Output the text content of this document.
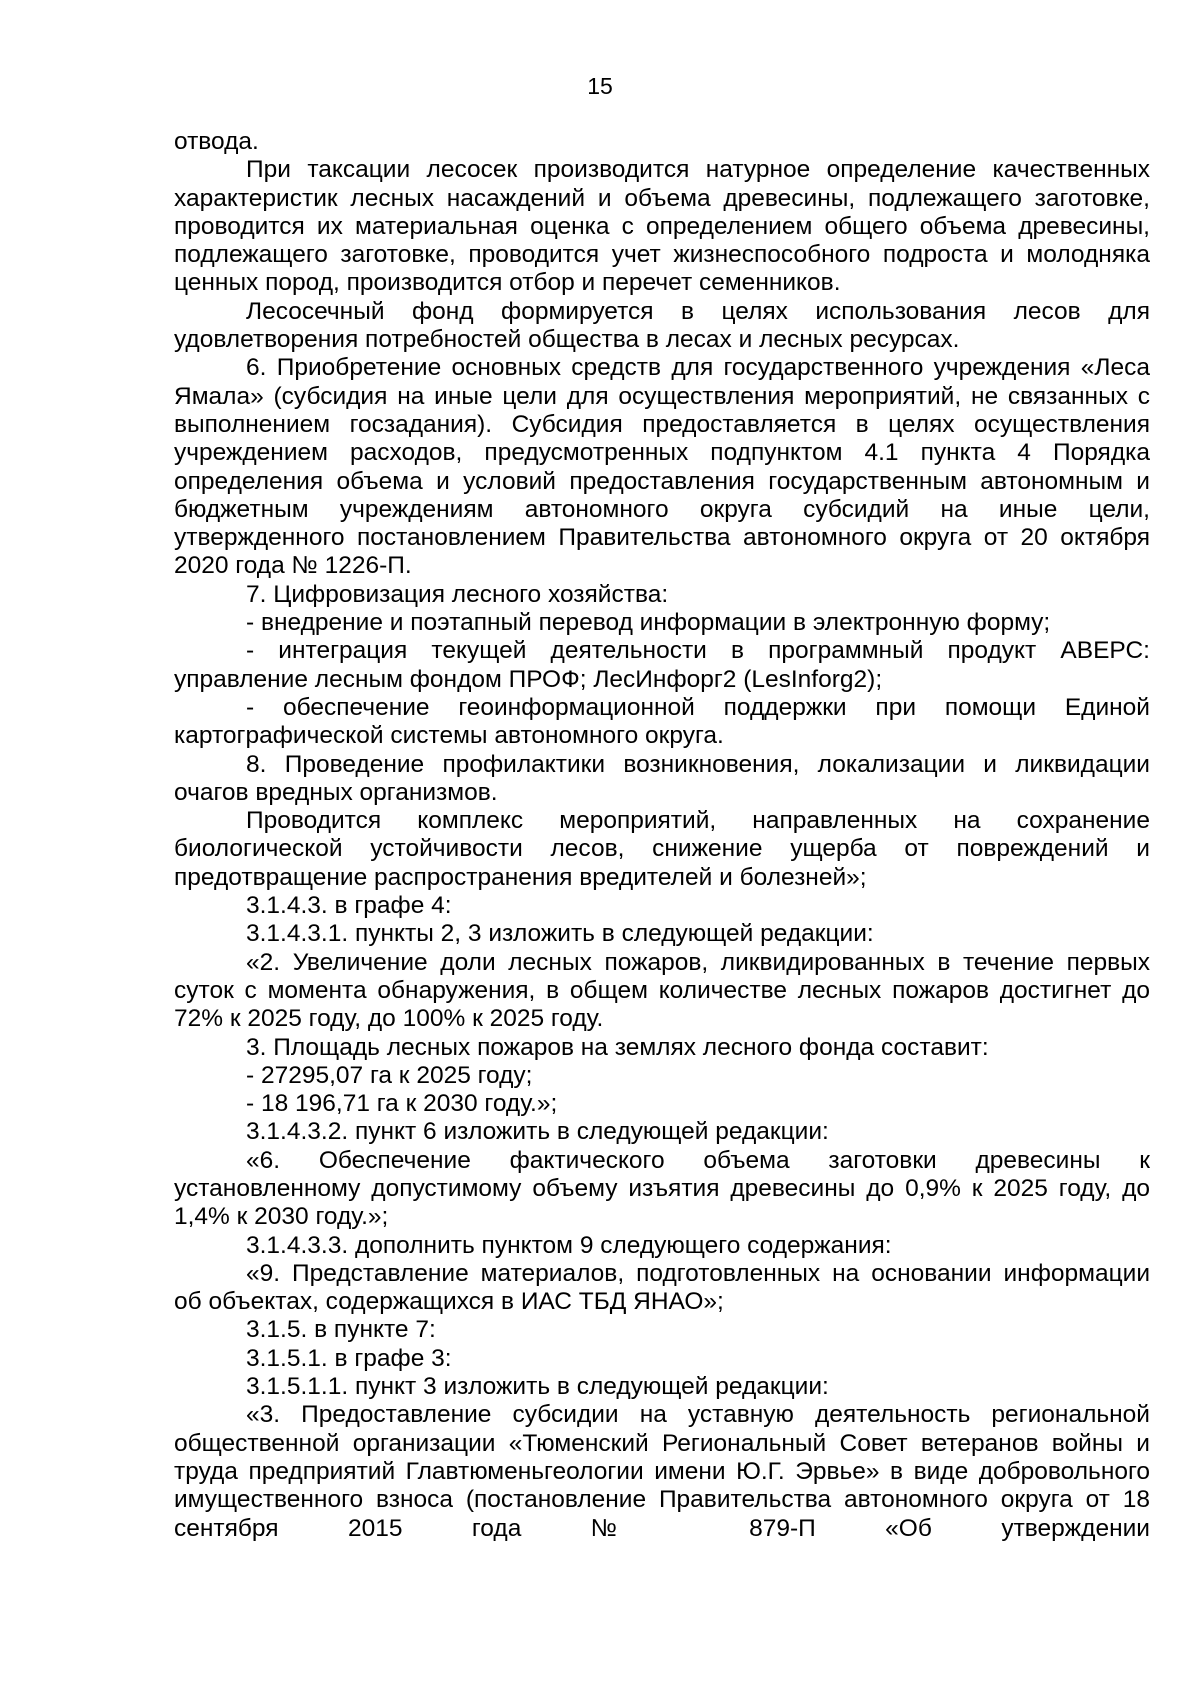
15

отвода.

При таксации лесосек производится натурное определение качественных характеристик лесных насаждений и объема древесины, подлежащего заготовке, проводится их материальная оценка с определением общего объема древесины, подлежащего заготовке, проводится учет жизнеспособного подроста и молодняка ценных пород, производится отбор и перечет семенников.

Лесосечный фонд формируется в целях использования лесов для удовлетворения потребностей общества в лесах и лесных ресурсах.

6. Приобретение основных средств для государственного учреждения «Леса Ямала» (субсидия на иные цели для осуществления мероприятий, не связанных с выполнением госзадания). Субсидия предоставляется в целях осуществления учреждением расходов, предусмотренных подпунктом 4.1 пункта 4 Порядка определения объема и условий предоставления государственным автономным и бюджетным учреждениям автономного округа субсидий на иные цели, утвержденного постановлением Правительства автономного округа от 20 октября 2020 года № 1226-П.

7. Цифровизация лесного хозяйства:

- внедрение и поэтапный перевод информации в электронную форму;

- интеграция текущей деятельности в программный продукт АВЕРС: управление лесным фондом ПРОФ; ЛесИнфорг2 (LesInforg2);

- обеспечение геоинформационной поддержки при помощи Единой картографической системы автономного округа.

8. Проведение профилактики возникновения, локализации и ликвидации очагов вредных организмов.

Проводится комплекс мероприятий, направленных на сохранение биологической устойчивости лесов, снижение ущерба от повреждений и предотвращение распространения вредителей и болезней»;

3.1.4.3. в графе 4:

3.1.4.3.1. пункты 2, 3 изложить в следующей редакции:

«2. Увеличение доли лесных пожаров, ликвидированных в течение первых суток с момента обнаружения, в общем количестве лесных пожаров достигнет до 72% к 2025 году, до 100% к 2025 году.

3. Площадь лесных пожаров на землях лесного фонда составит:

- 27295,07 га к 2025 году;

- 18 196,71 га к 2030 году.»;

3.1.4.3.2. пункт 6 изложить в следующей редакции:

«6. Обеспечение фактического объема заготовки древесины к установленному допустимому объему изъятия древесины до 0,9% к 2025 году, до 1,4% к 2030 году.»;

3.1.4.3.3. дополнить пунктом 9 следующего содержания:

«9. Представление материалов, подготовленных на основании информации об объектах, содержащихся в ИАС ТБД ЯНАО»;

3.1.5. в пункте 7:

3.1.5.1. в графе 3:

3.1.5.1.1. пункт 3 изложить в следующей редакции:

«3. Предоставление субсидии на уставную деятельность региональной общественной организации «Тюменский Региональный Совет ветеранов войны и труда предприятий Главтюменьгеологии имени Ю.Г. Эрвье» в виде добровольного имущественного взноса (постановление Правительства автономного округа от 18 сентября 2015 года № 879-П «Об утверждении
